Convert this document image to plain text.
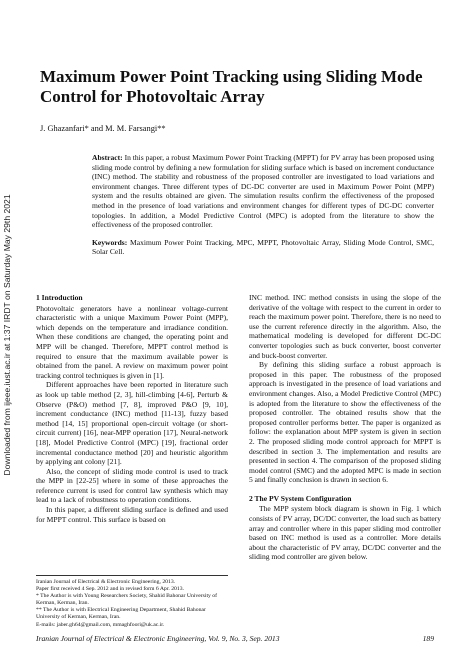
Downloaded from ijeee.iust.ac.ir at 1:37 IRDT on Saturday May 29th 2021
Maximum Power Point Tracking using Sliding Mode Control for Photovoltaic Array
J. Ghazanfari* and M. M. Farsangi**

Abstract: In this paper, a robust Maximum Power Point Tracking (MPPT) for PV array has been proposed using sliding mode control by defining a new formulation for sliding surface which is based on increment conductance (INC) method. The stability and robustness of the proposed controller are investigated to load variations and environment changes. Three different types of DC-DC converter are used in Maximum Power Point (MPP) system and the results obtained are given. The simulation results confirm the effectiveness of the proposed method in the presence of load variations and environment changes for different types of DC-DC converter topologies. In addition, a Model Predictive Control (MPC) is adopted from the literature to show the effectiveness of the proposed controller.

Keywords: Maximum Power Point Tracking, MPC, MPPT, Photovoltaic Array, Sliding Mode Control, SMC, Solar Cell.

1 Introduction

Photovoltaic generators have a nonlinear voltage-current characteristic with a unique Maximum Power Point (MPP), which depends on the temperature and irradiance condition. When these conditions are changed, the operating point and MPP will be changed. Therefore, MPPT control method is required to ensure that the maximum available power is obtained from the panel. A review on maximum power point tracking control techniques is given in [1].

Different approaches have been reported in literature such as look up table method [2, 3], hill-climbing [4-6], Perturb & Observe (P&O) method [7, 8], improved P&O [9, 10], increment conductance (INC) method [11-13], fuzzy based method [14, 15] proportional open-circuit voltage (or short-circuit current) [16], near-MPP operation [17], Neural-network [18], Model Predictive Control (MPC) [19], fractional order incremental conductance method [20] and heuristic algorithm by applying ant colony [21].

Also, the concept of sliding mode control is used to track the MPP in [22-25] where in some of these approaches the reference current is used for control law synthesis which may lead to a lack of robustness to operation conditions.

In this paper, a different sliding surface is defined and used for MPPT control. This surface is based on

Iranian Journal of Electrical & Electronic Engineering, 2013.

Paper first received 4 Sep. 2012 and in revised form 6 Apr. 2013.

* The Author is with Young Researchers Society, Shahid Bahonar University of Kerman, Kerman, Iran.

** The Author is with Electrical Engineering Department, Shahid Bahonar University of Kerman, Kerman, Iran.

E-mails: jaber.gh64@gmail.com, mmaghfoori@uk.ac.ir.

INC method. INC method consists in using the slope of the derivative of the voltage with respect to the current in order to reach the maximum power point. Therefore, there is no need to use the current reference directly in the algorithm. Also, the mathematical modeling is developed for different DC-DC converter topologies such as buck converter, boost converter and buck-boost converter.

By defining this sliding surface a robust approach is proposed in this paper. The robustness of the proposed approach is investigated in the presence of load variations and environment changes. Also, a Model Predictive Control (MPC) is adopted from the literature to show the effectiveness of the proposed controller. The obtained results show that the proposed controller performs better. The paper is organized as follow: the explanation about MPP system is given in section 2. The proposed sliding mode control approach for MPPT is described in section 3. The implementation and results are presented in section 4. The comparison of the proposed sliding model control (SMC) and the adopted MPC is made in section 5 and finally conclusion is drawn in section 6.

2 The PV System Configuration

The MPP system block diagram is shown in Fig. 1 which consists of PV array, DC/DC converter, the load such as battery array and controller where in this paper sliding mod controller based on INC method is used as a controller. More details about the characteristic of PV array, DC/DC converter and the sliding mod controller are given below.

Iranian Journal of Electrical & Electronic Engineering, Vol. 9, No. 3, Sep. 2013	189
